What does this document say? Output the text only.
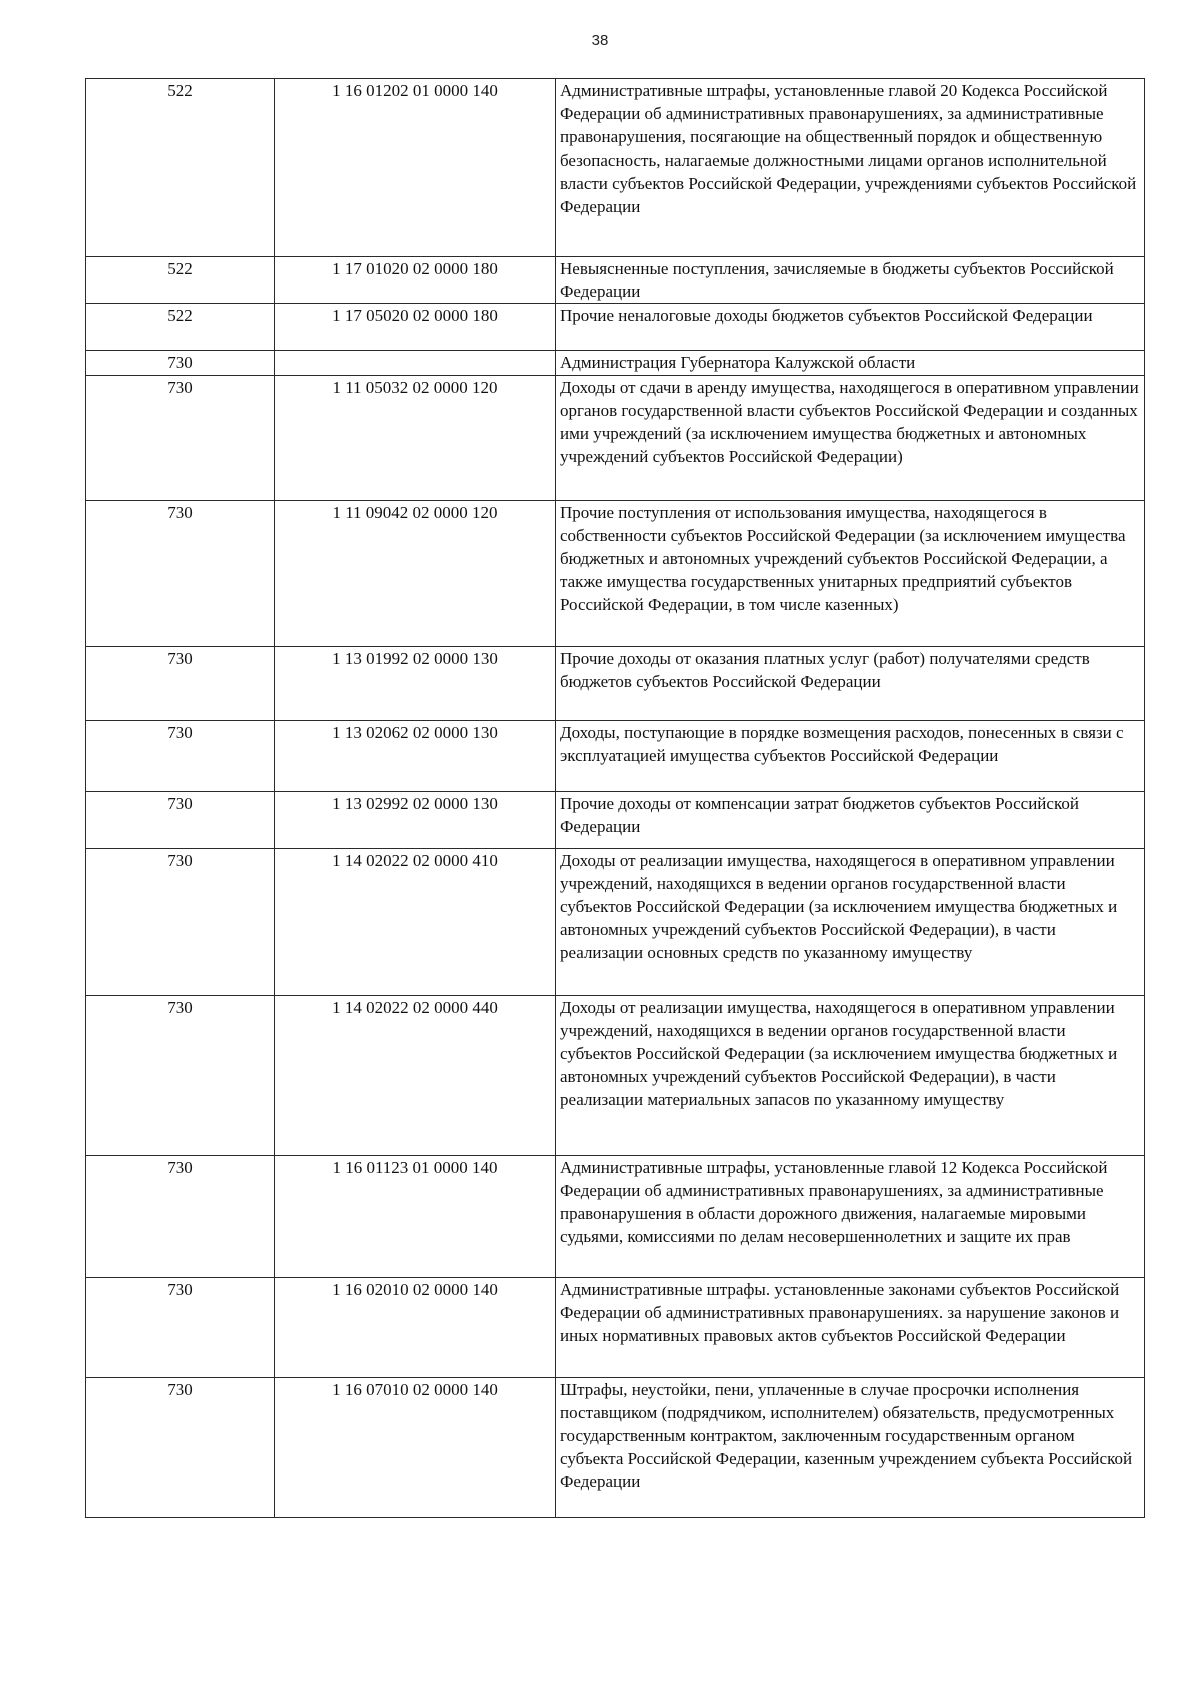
38
522	1 16 01202 01 0000 140	Административные штрафы, установленные главой 20 Кодекса Российской Федерации об административных правонарушениях, за административные правонарушения, посягающие на общественный порядок и общественную безопасность, налагаемые должностными лицами органов исполнительной власти субъектов Российской Федерации, учреждениями субъектов Российской Федерации
522	1 17 01020 02 0000 180	Невыясненные поступления, зачисляемые в бюджеты субъектов Российской Федерации
522	1 17 05020 02 0000 180	Прочие неналоговые доходы бюджетов субъектов Российской Федерации
730		Администрация Губернатора Калужской области
730	1 11 05032 02 0000 120	Доходы от сдачи в аренду имущества, находящегося в оперативном управлении органов государственной власти субъектов Российской Федерации и созданных ими учреждений (за исключением имущества бюджетных и автономных учреждений субъектов Российской Федерации)
730	1 11 09042 02 0000 120	Прочие поступления от использования имущества, находящегося в собственности субъектов Российской Федерации (за исключением имущества бюджетных и автономных учреждений субъектов Российской Федерации, а также имущества государственных унитарных предприятий субъектов Российской Федерации, в том числе казенных)
730	1 13 01992 02 0000 130	Прочие доходы от оказания платных услуг (работ) получателями средств бюджетов субъектов Российской Федерации
730	1 13 02062 02 0000 130	Доходы, поступающие в порядке возмещения расходов, понесенных в связи с эксплуатацией имущества субъектов Российской Федерации
730	1 13 02992 02 0000 130	Прочие доходы от компенсации затрат бюджетов субъектов Российской Федерации
730	1 14 02022 02 0000 410	Доходы от реализации имущества, находящегося в оперативном управлении учреждений, находящихся в ведении органов государственной власти субъектов Российской Федерации (за исключением имущества бюджетных и автономных учреждений субъектов Российской Федерации), в части реализации основных средств по указанному имуществу
730	1 14 02022 02 0000 440	Доходы от реализации имущества, находящегося в оперативном управлении учреждений, находящихся в ведении органов государственной власти субъектов Российской Федерации (за исключением имущества бюджетных и автономных учреждений субъектов Российской Федерации), в части реализации материальных запасов по указанному имуществу
730	1 16 01123 01 0000 140	Административные штрафы, установленные главой 12 Кодекса Российской Федерации об административных правонарушениях, за административные правонарушения в области дорожного движения, налагаемые мировыми судьями, комиссиями по делам несовершеннолетних и защите их прав
730	1 16 02010 02 0000 140	Административные штрафы. установленные законами субъектов Российской Федерации об административных правонарушениях. за нарушение законов и иных нормативных правовых актов субъектов Российской Федерации
730	1 16 07010 02 0000 140	Штрафы, неустойки, пени, уплаченные в случае просрочки исполнения поставщиком (подрядчиком, исполнителем) обязательств, предусмотренных государственным контрактом, заключенным государственным органом субъекта Российской Федерации, казенным учреждением субъекта Российской Федерации
